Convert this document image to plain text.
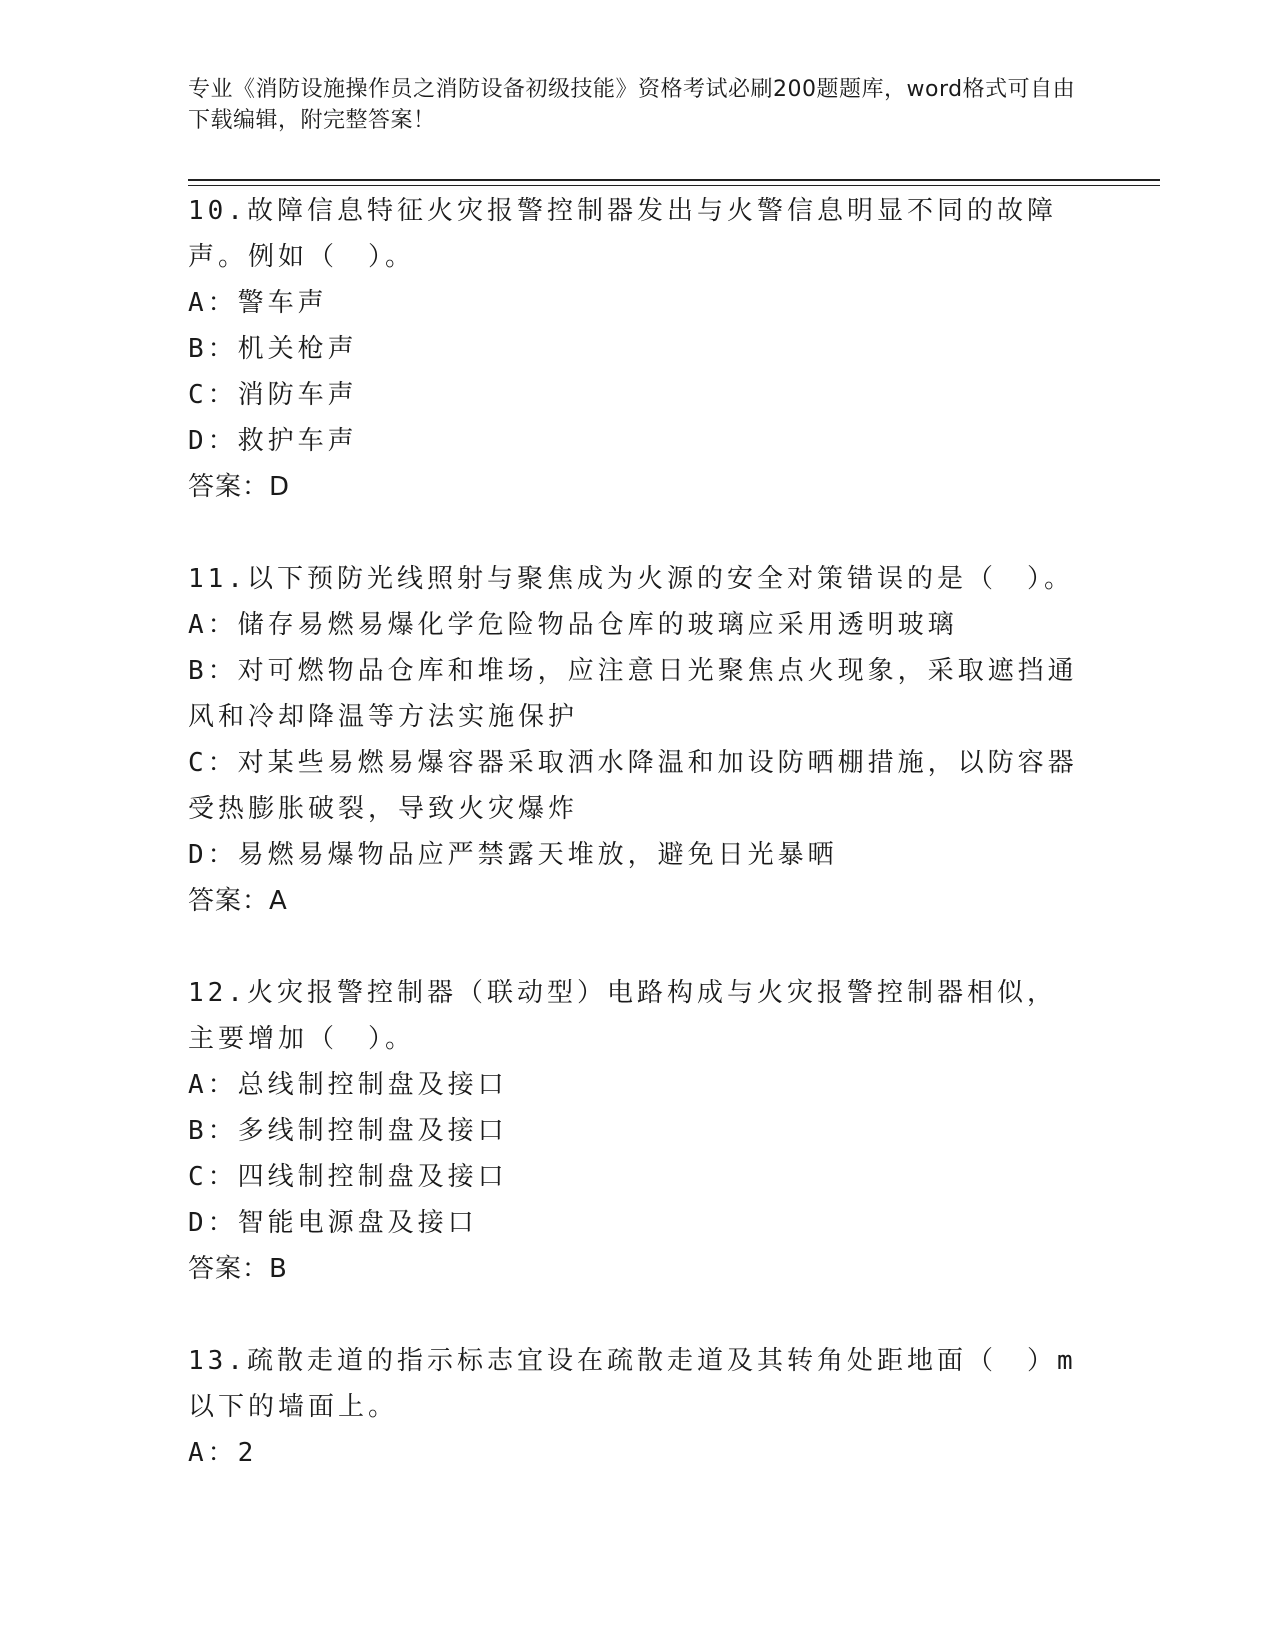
专业《消防设施操作员之消防设备初级技能》资格考试必刷200题题库，word格式可自由下载编辑，附完整答案！
10.故障信息特征火灾报警控制器发出与火警信息明显不同的故障声。例如（　）。
A：警车声
B：机关枪声
C：消防车声
D：救护车声
答案：D
11.以下预防光线照射与聚焦成为火源的安全对策错误的是（　）。
A：储存易燃易爆化学危险物品仓库的玻璃应采用透明玻璃
B：对可燃物品仓库和堆场，应注意日光聚焦点火现象，采取遮挡通风和冷却降温等方法实施保护
C：对某些易燃易爆容器采取洒水降温和加设防晒棚措施，以防容器受热膨胀破裂，导致火灾爆炸
D：易燃易爆物品应严禁露天堆放，避免日光暴晒
答案：A
12.火灾报警控制器（联动型）电路构成与火灾报警控制器相似，主要增加（　）。
A：总线制控制盘及接口
B：多线制控制盘及接口
C：四线制控制盘及接口
D：智能电源盘及接口
答案：B
13.疏散走道的指示标志宜设在疏散走道及其转角处距地面（　）m以下的墙面上。
A：2
